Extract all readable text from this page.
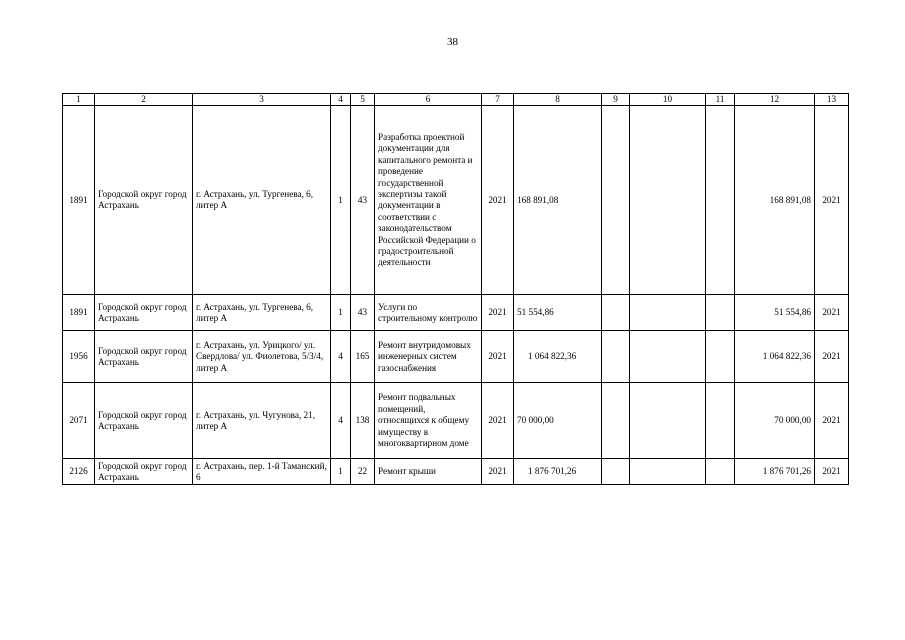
38
1	2	3	4	5	6	7	8	9	10	11	12	13
1891	Городской округ город Астрахань	г. Астрахань, ул. Тургенева, 6, литер А	1	43	Разработка проектной документации для капитального ремонта и проведение государственной экспертизы такой документации в соответствии с законодательством Российской Федерации о градостроительной деятельности	2021	168 891,08				168 891,08	2021
1891	Городской округ город Астрахань	г. Астрахань, ул. Тургенева, 6, литер А	1	43	Услуги по строительному контролю	2021	51 554,86				51 554,86	2021
1956	Городской округ город Астрахань	г. Астрахань, ул. Урицкого/ ул. Свердлова/ ул. Фиолетова, 5/3/4, литер А	4	165	Ремонт внутридомовых инженерных систем газоснабжения	2021	1 064 822,36				1 064 822,36	2021
2071	Городской округ город Астрахань	г. Астрахань, ул. Чугунова, 21, литер А	4	138	Ремонт подвальных помещений, относящихся к общему имуществу в многоквартирном доме	2021	70 000,00				70 000,00	2021
2126	Городской округ город Астрахань	г. Астрахань, пер. 1-й Таманский, 6	1	22	Ремонт крыши	2021	1 876 701,26				1 876 701,26	2021
